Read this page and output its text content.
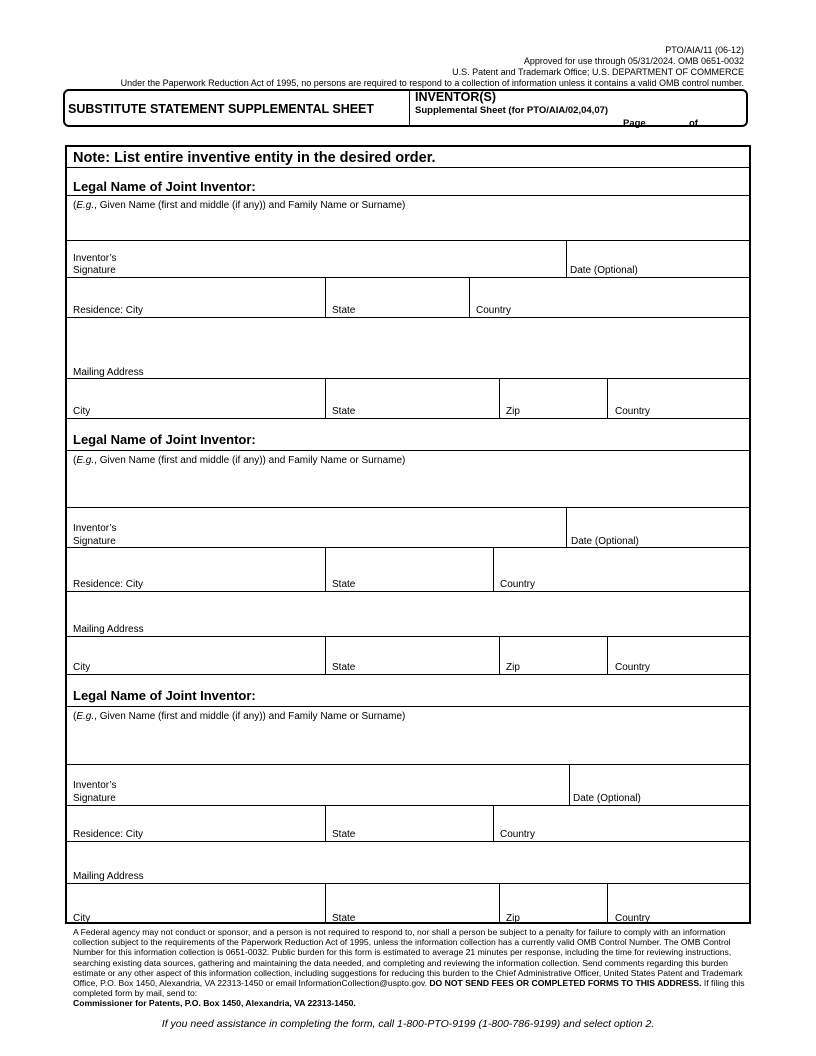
PTO/AIA/11 (06-12)
Approved for use through 05/31/2024. OMB 0651-0032
U.S. Patent and Trademark Office; U.S. DEPARTMENT OF COMMERCE
Under the Paperwork Reduction Act of 1995, no persons are required to respond to a collection of information unless it contains a valid OMB control number.
SUBSTITUTE STATEMENT SUPPLEMENTAL SHEET
INVENTOR(S)
Supplemental Sheet (for PTO/AIA/02,04,07)
Page	of
Note: List entire inventive entity in the desired order.
Legal Name of Joint Inventor:
(E.g., Given Name (first and middle (if any)) and Family Name or Surname)
Inventor’s
Signature	Date (Optional)
Residence: City	State	Country
Mailing Address
City	State	Zip	Country
Legal Name of Joint Inventor:
(E.g., Given Name (first and middle (if any)) and Family Name or Surname)
Inventor’s
Signature	Date (Optional)
Residence: City	State	Country
Mailing Address
City	State	Zip	Country
Legal Name of Joint Inventor:
(E.g., Given Name (first and middle (if any)) and Family Name or Surname)
Inventor’s
Signature	Date (Optional)
Residence: City	State	Country
Mailing Address
City	State	Zip	Country
A Federal agency may not conduct or sponsor, and a person is not required to respond to, nor shall a person be subject to a penalty for failure to comply with an information collection subject to the requirements of the Paperwork Reduction Act of 1995, unless the information collection has a currently valid OMB Control Number. The OMB Control Number for this information collection is 0651-0032. Public burden for this form is estimated to average 21 minutes per response, including the time for reviewing instructions, searching existing data sources, gathering and maintaining the data needed, and completing and reviewing the information collection. Send comments regarding this burden estimate or any other aspect of this information collection, including suggestions for reducing this burden to the Chief Administrative Officer, United States Patent and Trademark Office, P.O. Box 1450, Alexandria, VA 22313-1450 or email InformationCollection@uspto.gov. DO NOT SEND FEES OR COMPLETED FORMS TO THIS ADDRESS. If filing this completed form by mail, send to:
Commissioner for Patents, P.O. Box 1450, Alexandria, VA 22313-1450.
If you need assistance in completing the form, call 1-800-PTO-9199 (1-800-786-9199) and select option 2.
